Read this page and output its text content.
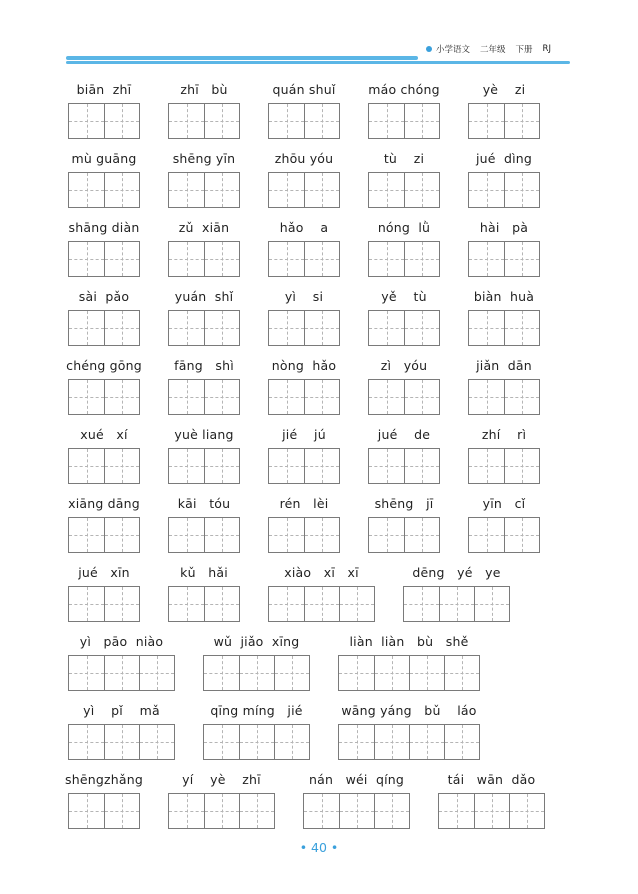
小学语文 二年级 下册 RJ
biān  zhī	zhī   bù	quán shuǐ	máo chóng	yè    zi
mù guāng	shēng yīn	zhōu yóu	tù    zi	jué  dìng
shāng diàn	zǔ  xiān	hǎo    a	nóng  lǜ	hài   pà
sài  pǎo	yuán  shǐ	yì    si	yě    tù	biàn  huà
chéng gōng	fāng   shì	nòng  hǎo	zì   yóu	jiǎn  dān
xué   xí	yuè liang	jié    jú	jué    de	zhí    rì
xiāng dāng	kāi   tóu	rén   lèi	shēng   jī	yīn   cǐ
jué   xīn	kǔ   hǎi	xiào   xī   xī	dēng   yé   ye
yì   pāo  niào	wǔ  jiǎo  xīng	liàn  liàn   bù   shě
yì    pǐ    mǎ	qīng míng   jié	wāng yáng   bǔ    láo
shēngzhǎng	yí    yè    zhī	nán   wéi  qíng	tái   wān  dǎo
• 40 •
